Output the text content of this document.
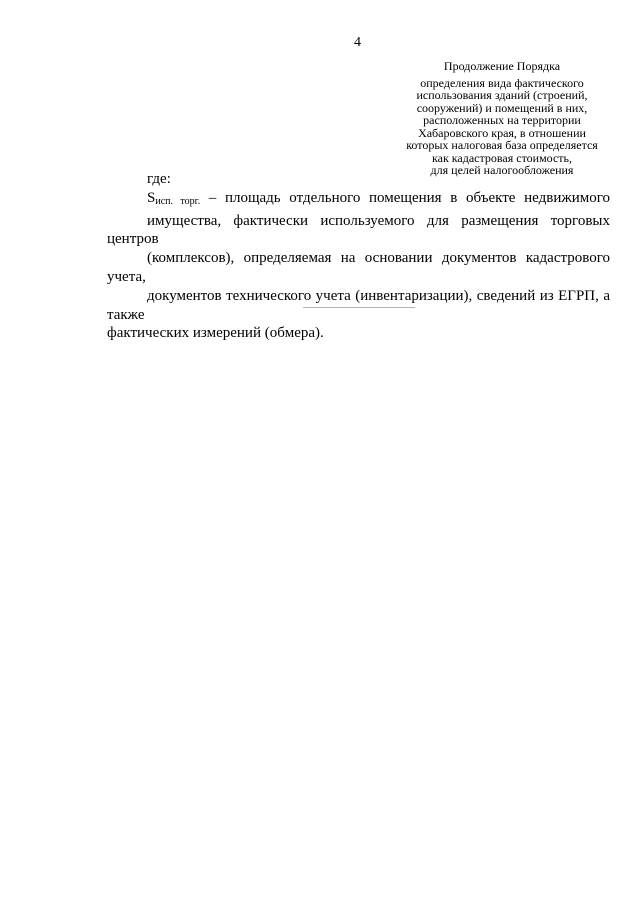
4
Продолжение Порядка
определения вида фактического
использования зданий (строений,
сооружений) и помещений в них,
расположенных на территории
Хабаровского края, в отношении
которых налоговая база определяется
как кадастровая стоимость,
для целей налогообложения
где:
$S_{исп. торг.}$ – площадь отдельного помещения в объекте недвижимого
имущества, фактически используемого для размещения торговых центров
(комплексов), определяемая на основании документов кадастрового учета,
документов технического учета (инвентаризации), сведений из ЕГРП, а также
фактических измерений (обмера).
